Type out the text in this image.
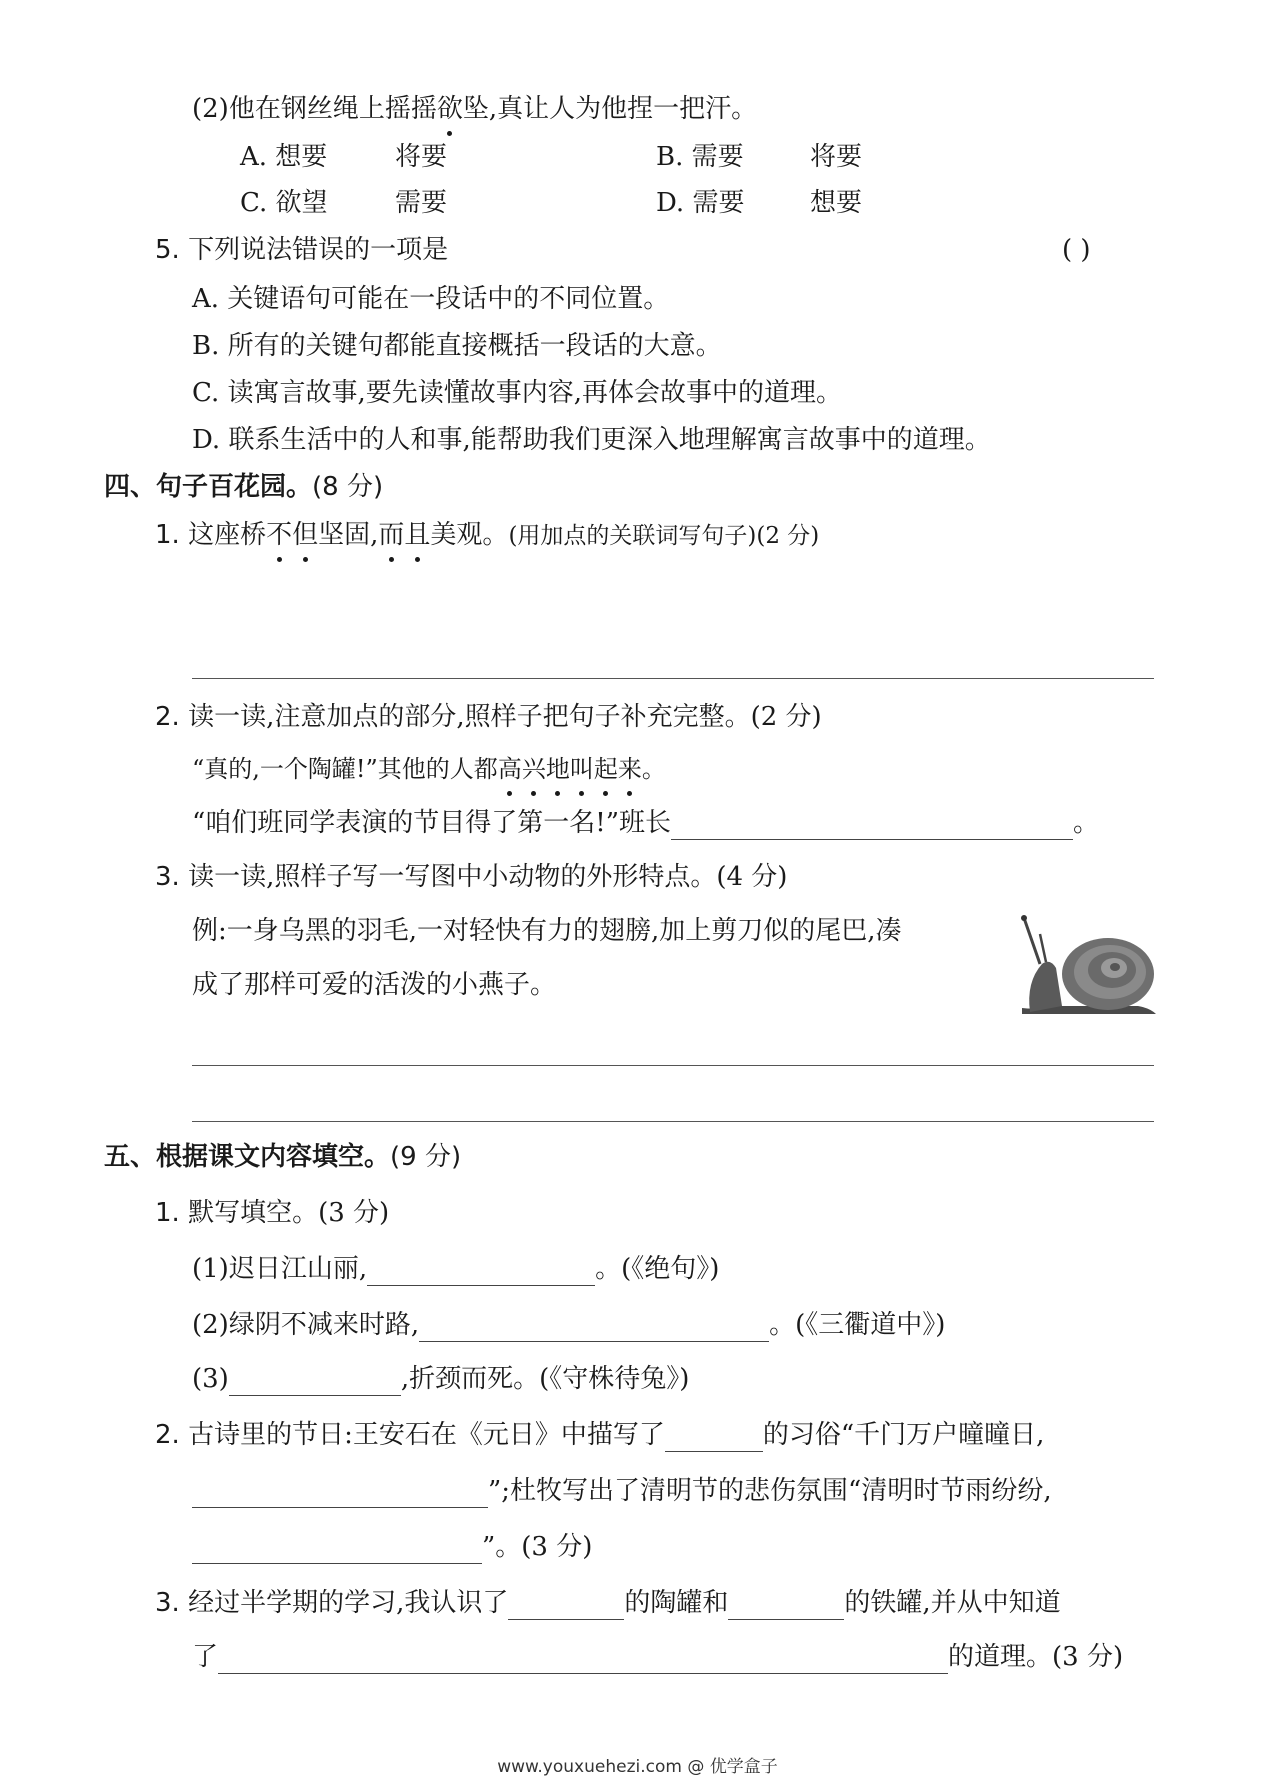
(2)他在钢丝绳上摇摇欲坠,真让人为他捏一把汗。
A. 想要	将要	B. 需要	将要
C. 欲望	需要	D. 需要	想要
5. 下列说法错误的一项是	( )
A. 关键语句可能在一段话中的不同位置。
B. 所有的关键句都能直接概括一段话的大意。
C. 读寓言故事,要先读懂故事内容,再体会故事中的道理。
D. 联系生活中的人和事,能帮助我们更深入地理解寓言故事中的道理。
四、句子百花园。(8 分)
1. 这座桥不但坚固,而且美观。(用加点的关联词写句子)(2 分)
2. 读一读,注意加点的部分,照样子把句子补充完整。(2 分)
“真的,一个陶罐!”其他的人都高兴地叫起来。
“咱们班同学表演的节目得了第一名!”班长	。
3. 读一读,照样子写一写图中小动物的外形特点。(4 分)
例:一身乌黑的羽毛,一对轻快有力的翅膀,加上剪刀似的尾巴,凑
成了那样可爱的活泼的小燕子。
五、根据课文内容填空。(9 分)
1. 默写填空。(3 分)
(1)迟日江山丽,	。(《绝句》)
(2)绿阴不减来时路,	。(《三衢道中》)
(3)	,折颈而死。(《守株待兔》)
2. 古诗里的节日:王安石在《元日》中描写了	的习俗“千门万户曈曈日,
”;杜牧写出了清明节的悲伤氛围“清明时节雨纷纷,
”。(3 分)
3. 经过半学期的学习,我认识了	的陶罐和	的铁罐,并从中知道
了	的道理。(3 分)
www.youxuehezi.com @ 优学盒子
